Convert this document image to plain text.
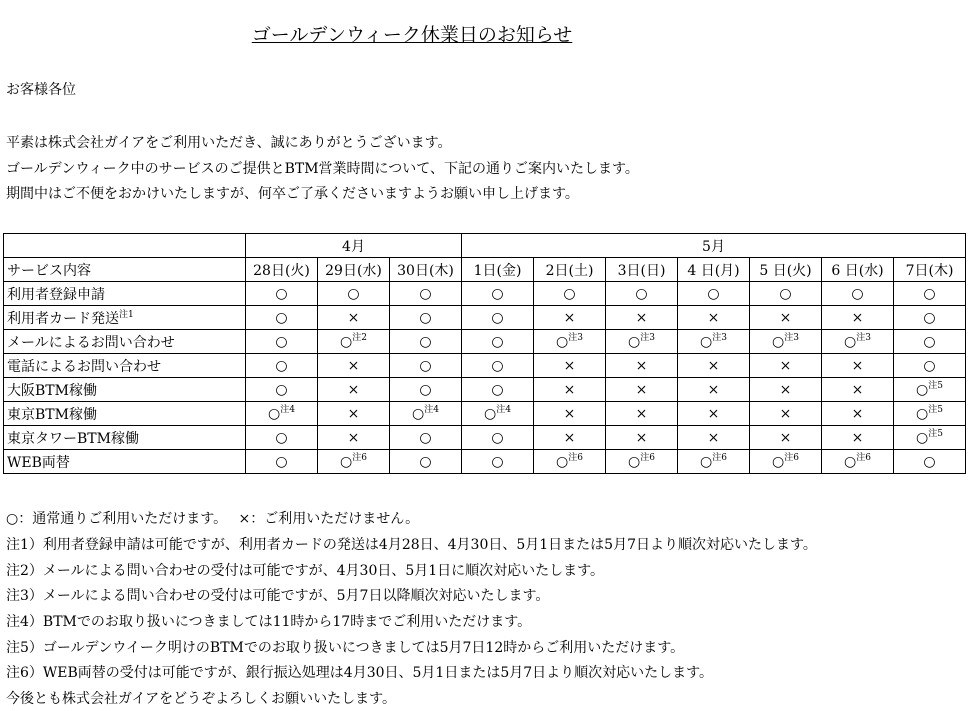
ゴールデンウィーク休業日のお知らせ
お客様各位
平素は株式会社ガイアをご利用いただき、誠にありがとうございます。
ゴールデンウィーク中のサービスのご提供とBTM営業時間について、下記の通りご案内いたします。
期間中はご不便をおかけいたしますが、何卒ご了承くださいますようお願い申し上げます。
	4月			5月						
サービス内容	28日(火)	29日(水)	30日(木)	1日(金)	2日(土)	3日(日)	4 日(月)	5 日(火)	6 日(水)	7日(木)
利用者登録申請	○	○	○	○	○	○	○	○	○	○
利用者カード発送$^{注1}$	○	×	○	○	×	×	×	×	×	○
メールによるお問い合わせ	○	○$^{注2}$	○	○	○$^{注3}$	○$^{注3}$	○$^{注3}$	○$^{注3}$	○$^{注3}$	○
電話によるお問い合わせ	○	×	○	○	×	×	×	×	×	○
大阪BTM稼働	○	×	○	○	×	×	×	×	×	○$^{注5}$
東京BTM稼働	○$^{注4}$	×	○$^{注4}$	○$^{注4}$	×	×	×	×	×	○$^{注5}$
東京タワーBTM稼働	○	×	○	○	×	×	×	×	×	○$^{注5}$
WEB両替	○	○$^{注6}$	○	○	○$^{注6}$	○$^{注6}$	○$^{注6}$	○$^{注6}$	○$^{注6}$	○
○：通常通りご利用いただけます。　 ×：ご利用いただけません。
注1）利用者登録申請は可能ですが、利用者カードの発送は4月28日、4月30日、5月1日または5月7日より順次対応いたします。
注2）メールによる問い合わせの受付は可能ですが、4月30日、5月1日に順次対応いたします。
注3）メールによる問い合わせの受付は可能ですが、5月7日以降順次対応いたします。
注4）BTMでのお取り扱いにつきましては11時から17時までご利用いただけます。
注5）ゴールデンウイーク明けのBTMでのお取り扱いにつきましては5月7日12時からご利用いただけます。
注6）WEB両替の受付は可能ですが、銀行振込処理は4月30日、5月1日または5月7日より順次対応いたします。
今後とも株式会社ガイアをどうぞよろしくお願いいたします。
